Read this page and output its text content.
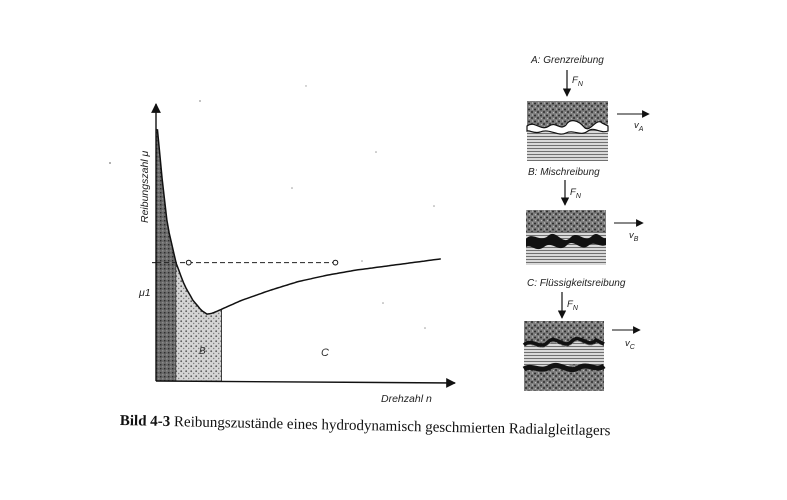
Reibungszahl μ
Drehzahl n
μ1
B	C
A: Grenzreibung
$F_N$
$v_A$
B: Mischreibung
$F_N$
$v_B$
C: Flüssigkeitsreibung
$F_N$
$v_C$
Bild 4-3 Reibungszustände eines hydrodynamisch geschmierten Radialgleitlagers
